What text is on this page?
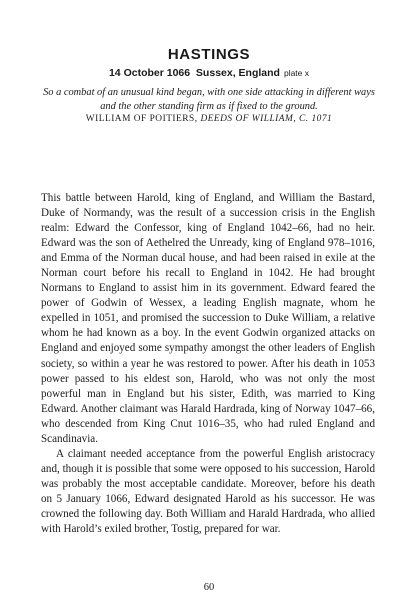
HASTINGS
14 October 1066  Sussex, England plate x
So a combat of an unusual kind began, with one side attacking in different ways and the other standing firm as if fixed to the ground.
WILLIAM OF POITIERS, DEEDS OF WILLIAM, C. 1071

This battle between Harold, king of England, and William the Bastard, Duke of Normandy, was the result of a succession crisis in the English realm: Edward the Confessor, king of England 1042–66, had no heir. Edward was the son of Aethelred the Unready, king of England 978–1016, and Emma of the Norman ducal house, and had been raised in exile at the Norman court before his recall to England in 1042. He had brought Normans to England to assist him in its government. Edward feared the power of Godwin of Wessex, a leading English magnate, whom he expelled in 1051, and promised the succession to Duke William, a relative whom he had known as a boy. In the event Godwin organized attacks on England and enjoyed some sympathy amongst the other leaders of English society, so within a year he was restored to power. After his death in 1053 power passed to his eldest son, Harold, who was not only the most powerful man in England but his sister, Edith, was married to King Edward. Another claimant was Harald Hardrada, king of Norway 1047–66, who descended from King Cnut 1016–35, who had ruled England and Scandinavia.

A claimant needed acceptance from the powerful English aristocracy and, though it is possible that some were opposed to his succession, Harold was probably the most acceptable candidate. Moreover, before his death on 5 January 1066, Edward designated Harold as his successor. He was crowned the following day. Both William and Harald Hardrada, who allied with Harold’s exiled brother, Tostig, prepared for war.

60
